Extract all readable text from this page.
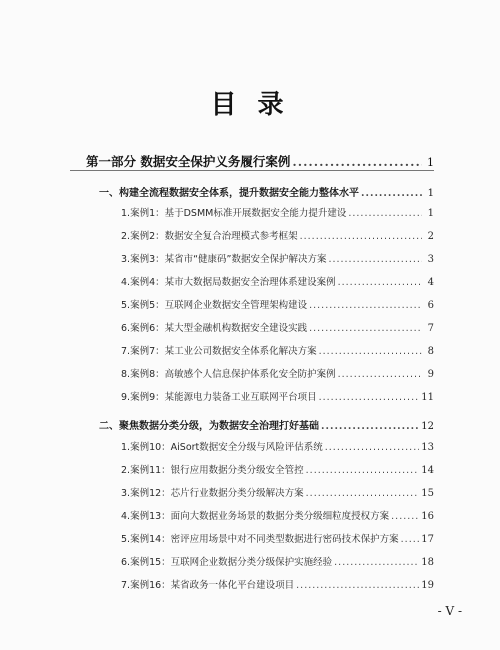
目 录
第一部分 数据安全保护义务履行案例 .....	1
一、构建全流程数据安全体系，提升数据安全能力整体水平 .....	1
1.案例1：基于DSMM标准开展数据安全能力提升建设 .....	1
2.案例2：数据安全复合治理模式参考框架 .....	2
3.案例3：某省市“健康码”数据安全保护解决方案 .....	3
4.案例4：某市大数据局数据安全治理体系建设案例 .....	4
5.案例5：互联网企业数据安全管理架构建设 .....	6
6.案例6：某大型金融机构数据安全建设实践 .....	7
7.案例7：某工业公司数据安全体系化解决方案 .....	8
8.案例8：高敏感个人信息保护体系化安全防护案例 .....	9
9.案例9：某能源电力装备工业互联网平台项目 .....	11
二、聚焦数据分类分级，为数据安全治理打好基础 .....	12
1.案例10：AiSort数据安全分级与风险评估系统 .....	13
2.案例11：银行应用数据分类分级安全管控 .....	14
3.案例12：芯片行业数据分类分级解决方案 .....	15
4.案例13：面向大数据业务场景的数据分类分级细粒度授权方案 .....	16
5.案例14：密评应用场景中对不同类型数据进行密码技术保护方案 ..... 17
6.案例15：互联网企业数据分类分级保护实施经验 .....	18
7.案例16：某省政务一体化平台建设项目 .....	19
- V -
